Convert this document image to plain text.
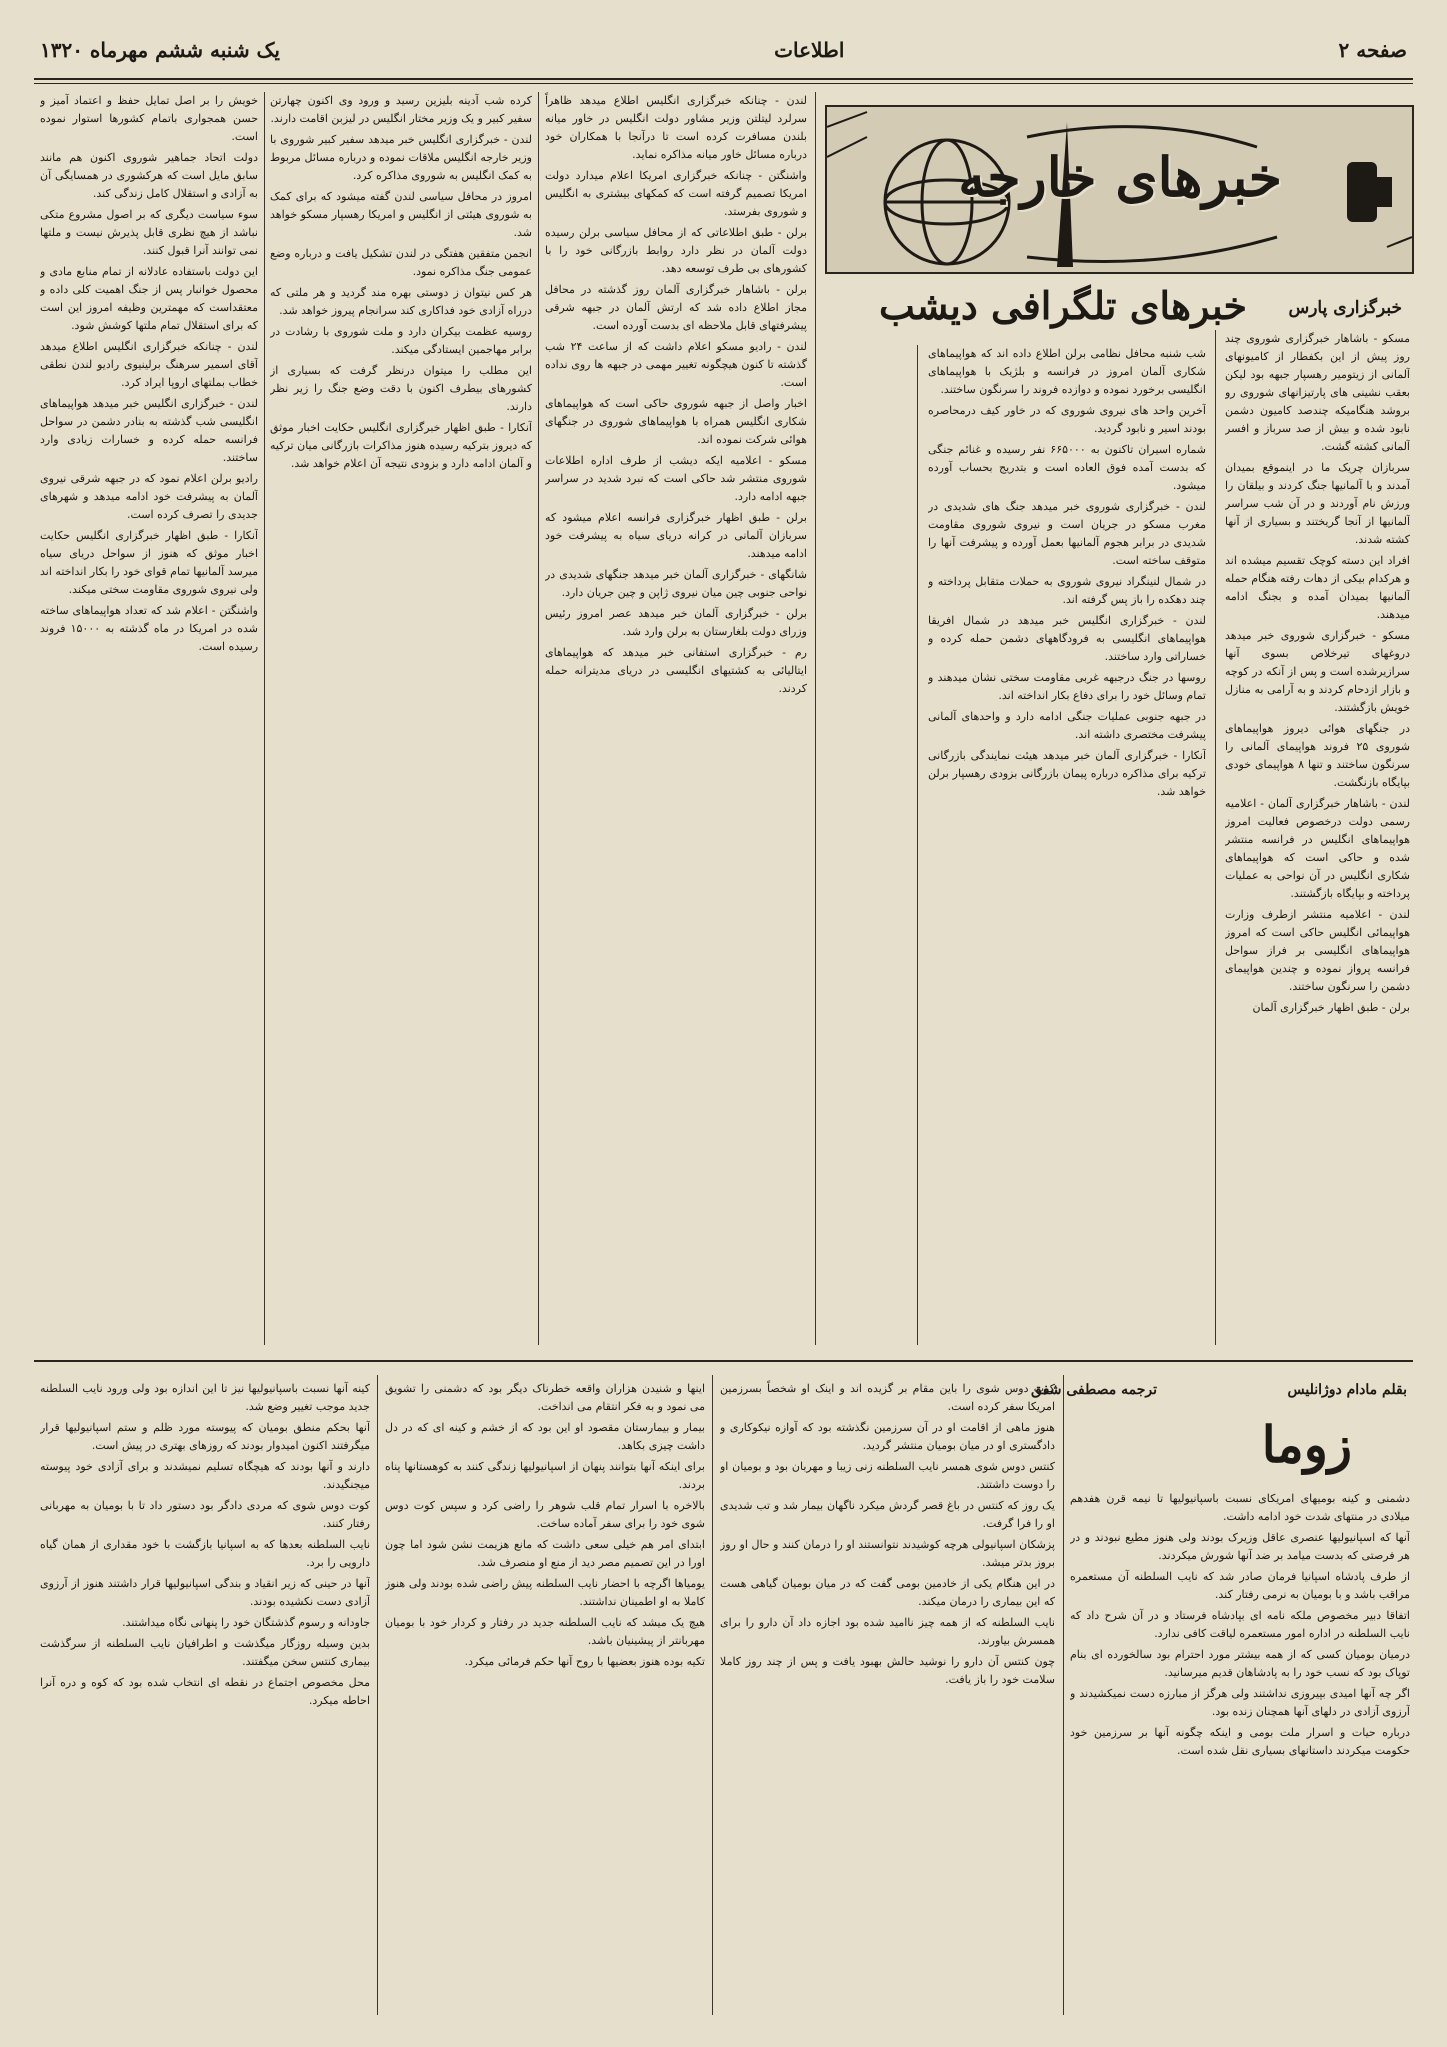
صفحه ۲
اطلاعات
یک شنبه ششم مهرماه ۱۳۲۰
خبرهای خارجه
خبرهای تلگرافی دیشب خبرگزاری پارس

مسکو - باشاهار خبرگزاری شوروی چند روز پیش از این بکفطار از کامیونهای آلمانی از زیتومیر رهسپار جبهه بود لیکن بعقب نشینی های پارتیزانهای شوروی رو بروشد هنگامیکه چندصد کامیون دشمن نابود شده و بیش از صد سرباز و افسر آلمانی کشته گشت.

سربازان چریک ما در اینموقع بمیدان آمدند و با آلمانیها جنگ کردند و بیلقان را ورزش نام آوردند و در آن شب سراسر آلمانیها از آنجا گریختند و بسیاری از آنها کشته شدند.

افراد این دسته کوچک تقسیم میشده اند و هرکدام بیکی از دهات رفته هنگام حمله آلمانیها بمیدان آمده و بجنگ ادامه میدهند.

مسکو - خبرگزاری شوروی خبر میدهد دروغهای تیرخلاص بسوی آنها سرازیرشده است و پس از آنکه در کوچه و بازار ازدحام کردند و به آرامی به منازل خویش بازگشتند.

در جنگهای هوائی دیروز هواپیماهای شوروی ۲۵ فروند هواپیمای آلمانی را سرنگون ساختند و تنها ۸ هواپیمای خودی بپایگاه بازنگشت.

لندن - باشاهار خبرگزاری آلمان - اعلامیه رسمی دولت درخصوص فعالیت امروز هواپیماهای انگلیس در فرانسه منتشر شده و حاکی است که هواپیماهای شکاری انگلیس در آن نواحی به عملیات پرداخته و بپایگاه بازگشتند.

لندن - اعلامیه منتشر ازطرف وزارت هواپیمائی انگلیس حاکی است که امروز هواپیماهای انگلیسی بر فراز سواحل فرانسه پرواز نموده و چندین هواپیمای دشمن را سرنگون ساختند.

برلن - طبق اظهار خبرگزاری آلمان

شب شنبه محافل نظامی برلن اطلاع داده اند که هواپیماهای شکاری آلمان امروز در فرانسه و بلژیک با هواپیماهای انگلیسی برخورد نموده و دوازده فروند را سرنگون ساختند.

آخرین واحد های نیروی شوروی که در خاور کیف درمحاصره بودند اسیر و نابود گردید.

شماره اسیران تاکنون به ۶۶۵۰۰۰ نفر رسیده و غنائم جنگی که بدست آمده فوق العاده است و بتدریج بحساب آورده میشود.

لندن - خبرگزاری شوروی خبر میدهد جنگ های شدیدی در مغرب مسکو در جریان است و نیروی شوروی مقاومت شدیدی در برابر هجوم آلمانیها بعمل آورده و پیشرفت آنها را متوقف ساخته است.

در شمال لنینگراد نیروی شوروی به حملات متقابل پرداخته و چند دهکده را باز پس گرفته اند.

لندن - خبرگزاری انگلیس خبر میدهد در شمال افریقا هواپیماهای انگلیسی به فرودگاههای دشمن حمله کرده و خساراتی وارد ساختند.

روسها در جنگ درجبهه غربی مقاومت سختی نشان میدهند و تمام وسائل خود را برای دفاع بکار انداخته اند.

در جبهه جنوبی عملیات جنگی ادامه دارد و واحدهای آلمانی پیشرفت مختصری داشته اند.

آنکارا - خبرگزاری آلمان خبر میدهد هیئت نمایندگی بازرگانی ترکیه برای مذاکره درباره پیمان بازرگانی بزودی رهسپار برلن خواهد شد.

لندن - چنانکه خبرگزاری انگلیس اطلاع میدهد ظاهراً سرلرد لیتلتن وزیر مشاور دولت انگلیس در خاور میانه بلندن مسافرت کرده است تا درآنجا با همکاران خود درباره مسائل خاور میانه مذاکره نماید.

واشنگتن - چنانکه خبرگزاری امریکا اعلام میدارد دولت امریکا تصمیم گرفته است که کمکهای بیشتری به انگلیس و شوروی بفرستد.

برلن - طبق اطلاعاتی که از محافل سیاسی برلن رسیده دولت آلمان در نظر دارد روابط بازرگانی خود را با کشورهای بی طرف توسعه دهد.

برلن - باشاهار خبرگزاری آلمان روز گذشته در محافل مجاز اطلاع داده شد که ارتش آلمان در جبهه شرقی پیشرفتهای قابل ملاحظه ای بدست آورده است.

لندن - رادیو مسکو اعلام داشت که از ساعت ۲۴ شب گذشته تا کنون هیچگونه تغییر مهمی در جبهه ها روی نداده است.

اخبار واصل از جبهه شوروی حاکی است که هواپیماهای شکاری انگلیس همراه با هواپیماهای شوروی در جنگهای هوائی شرکت نموده اند.

مسکو - اعلامیه ایکه دیشب از طرف اداره اطلاعات شوروی منتشر شد حاکی است که نبرد شدید در سراسر جبهه ادامه دارد.

برلن - طبق اظهار خبرگزاری فرانسه اعلام میشود که سربازان آلمانی در کرانه دریای سیاه به پیشرفت خود ادامه میدهند.

شانگهای - خبرگزاری آلمان خبر میدهد جنگهای شدیدی در نواحی جنوبی چین میان نیروی ژاپن و چین جریان دارد.

برلن - خبرگزاری آلمان خبر میدهد عصر امروز رئیس وزرای دولت بلغارستان به برلن وارد شد.

رم - خبرگزاری استفانی خبر میدهد که هواپیماهای ایتالیائی به کشتیهای انگلیسی در دریای مدیترانه حمله کردند.

کرده شب آدینه بلیزین رسید و ورود وی اکنون چهارتن سفیر کبیر و یک وزیر مختار انگلیس در لیزبن اقامت دارند.

لندن - خبرگزاری انگلیس خبر میدهد سفیر کبیر شوروی با وزیر خارجه انگلیس ملاقات نموده و درباره مسائل مربوط به کمک انگلیس به شوروی مذاکره کرد.

امروز در محافل سیاسی لندن گفته میشود که برای کمک به شوروی هیئتی از انگلیس و امریکا رهسپار مسکو خواهد شد.

انجمن متفقین هفتگی در لندن تشکیل یافت و درباره وضع عمومی جنگ مذاکره نمود.

هر کس نیتوان ز دوستی بهره مند گردید و هر ملتی که درراه آزادی خود فداکاری کند سرانجام پیروز خواهد شد.

روسیه عظمت بیکران دارد و ملت شوروی با رشادت در برابر مهاجمین ایستادگی میکند.

این مطلب را میتوان درنظر گرفت که بسیاری از کشورهای بیطرف اکنون با دقت وضع جنگ را زیر نظر دارند.

آنکارا - طبق اظهار خبرگزاری انگلیس حکایت اخبار موثق که دیروز بترکیه رسیده هنوز مذاکرات بازرگانی میان ترکیه و آلمان ادامه دارد و بزودی نتیجه آن اعلام خواهد شد.

خویش را بر اصل تمایل حفظ و اعتماد آمیز و حسن همجواری باتمام کشورها استوار نموده است.

دولت اتحاد جماهیر شوروی اکنون هم مانند سابق مایل است که هرکشوری در همسایگی آن به آزادی و استقلال کامل زندگی کند.

سوء سیاست دیگری که بر اصول مشروع متکی نباشد از هیچ نظری قابل پذیرش نیست و ملتها نمی توانند آنرا قبول کنند.

این دولت باستفاده عادلانه از تمام منابع مادی و محصول خوانبار پس از جنگ اهمیت کلی داده و معتقداست که مهمترین وظیفه امروز این است که برای استقلال تمام ملتها کوشش شود.

لندن - چنانکه خبرگزاری انگلیس اطلاع میدهد آقای اسمیر سرهنگ برلینیوی رادیو لندن نطقی خطاب بملتهای اروپا ایراد کرد.

لندن - خبرگزاری انگلیس خبر میدهد هواپیماهای انگلیسی شب گذشته به بنادر دشمن در سواحل فرانسه حمله کرده و خسارات زیادی وارد ساختند.

رادیو برلن اعلام نمود که در جبهه شرقی نیروی آلمان به پیشرفت خود ادامه میدهد و شهرهای جدیدی را تصرف کرده است.

آنکارا - طبق اظهار خبرگزاری انگلیس حکایت اخبار موثق که هنوز از سواحل دریای سیاه میرسد آلمانیها تمام قوای خود را بکار انداخته اند ولی نیروی شوروی مقاومت سختی میکند.

واشنگتن - اعلام شد که تعداد هواپیماهای ساخته شده در امریکا در ماه گذشته به ۱۵۰۰۰ فروند رسیده است.

بقلم مادام دوژانلیس
ترجمه مصطفی شفق
زوما

دشمنی و کینه بومیهای امریکای نسبت باسپانیولیها تا نیمه قرن هفدهم میلادی در منتهای شدت خود ادامه داشت.

آنها که اسپانیولیها عنصری عاقل وزیرک بودند ولی هنوز مطیع نبودند و در هر فرصتی که بدست میامد بر ضد آنها شورش میکردند.

از طرف پادشاه اسپانیا فرمان صادر شد که نایب السلطنه آن مستعمره مراقب باشد و با بومیان به نرمی رفتار کند.

اتفاقا دبیر مخصوص ملکه نامه ای بپادشاه فرستاد و در آن شرح داد که نایب السلطنه در اداره امور مستعمره لیاقت کافی ندارد.

درمیان بومیان کسی که از همه بیشتر مورد احترام بود سالخورده ای بنام توپاک بود که نسب خود را به پادشاهان قدیم میرسانید.

اگر چه آنها امیدی بپیروزی نداشتند ولی هرگز از مبارزه دست نمیکشیدند و آرزوی آزادی در دلهای آنها همچنان زنده بود.

درباره حیات و اسرار ملت بومی و اینکه چگونه آنها بر سرزمین خود حکومت میکردند داستانهای بسیاری نقل شده است.

کوت دوس شوی را باین مقام بر گزیده اند و اینک او شخصاً بسرزمین امریکا سفر کرده است.

هنوز ماهی از اقامت او در آن سرزمین نگذشته بود که آوازه نیکوکاری و دادگستری او در میان بومیان منتشر گردید.

کنتس دوس شوی همسر نایب السلطنه زنی زیبا و مهربان بود و بومیان او را دوست داشتند.

یک روز که کنتس در باغ قصر گردش میکرد ناگهان بیمار شد و تب شدیدی او را فرا گرفت.

پزشکان اسپانیولی هرچه کوشیدند نتوانستند او را درمان کنند و حال او روز بروز بدتر میشد.

در این هنگام یکی از خادمین بومی گفت که در میان بومیان گیاهی هست که این بیماری را درمان میکند.

نایب السلطنه که از همه چیز ناامید شده بود اجازه داد آن دارو را برای همسرش بیاورند.

چون کنتس آن دارو را نوشید حالش بهبود یافت و پس از چند روز کاملا سلامت خود را باز یافت.

اینها و شنیدن هزاران واقعه خطرناک دیگر بود که دشمنی را تشویق می نمود و به فکر انتقام می انداخت.

بیمار و بیمارستان مقصود او این بود که از خشم و کینه ای که در دل داشت چیزی بکاهد.

برای اینکه آنها بتوانند پنهان از اسپانیولیها زندگی کنند به کوهستانها پناه بردند.

بالاخره با اسرار تمام قلب شوهر را راضی کرد و سپس کوت دوس شوی خود را برای سفر آماده ساخت.

ابتدای امر هم خیلی سعی داشت که مانع هزیمت نشن شود اما چون اورا در این تصمیم مصر دید از منع او منصرف شد.

یومیاها اگرچه با احضار نایب السلطنه پیش راضی شده بودند ولی هنوز کاملا به او اطمینان نداشتند.

هیچ یک میشد که نایب السلطنه جدید در رفتار و کردار خود با بومیان مهربانتر از پیشینیان باشد.

تکیه بوده هنوز بعضیها با روح آنها حکم فرمائی میکرد.

کینه آنها نسبت باسپانیولیها نیز تا این اندازه بود ولی ورود نایب السلطنه جدید موجب تغییر وضع شد.

آنها بحکم منطق بومیان که پیوسته مورد ظلم و ستم اسپانیولیها قرار میگرفتند اکنون امیدوار بودند که روزهای بهتری در پیش است.

دارند و آنها بودند که هیچگاه تسلیم نمیشدند و برای آزادی خود پیوسته میجنگیدند.

کوت دوس شوی که مردی دادگر بود دستور داد تا با بومیان به مهربانی رفتار کنند.

نایب السلطنه بعدها که به اسپانیا بازگشت با خود مقداری از همان گیاه دارویی را برد.

آنها در حینی که زیر انقیاد و بندگی اسپانیولیها قرار داشتند هنوز از آرزوی آزادی دست نکشیده بودند.

جاودانه و رسوم گذشتگان خود را پنهانی نگاه میداشتند.

بدین وسیله روزگار میگذشت و اطرافیان نایب السلطنه از سرگذشت بیماری کنتس سخن میگفتند.

محل مخصوص اجتماع در نقطه ای انتخاب شده بود که کوه و دره آنرا احاطه میکرد.
